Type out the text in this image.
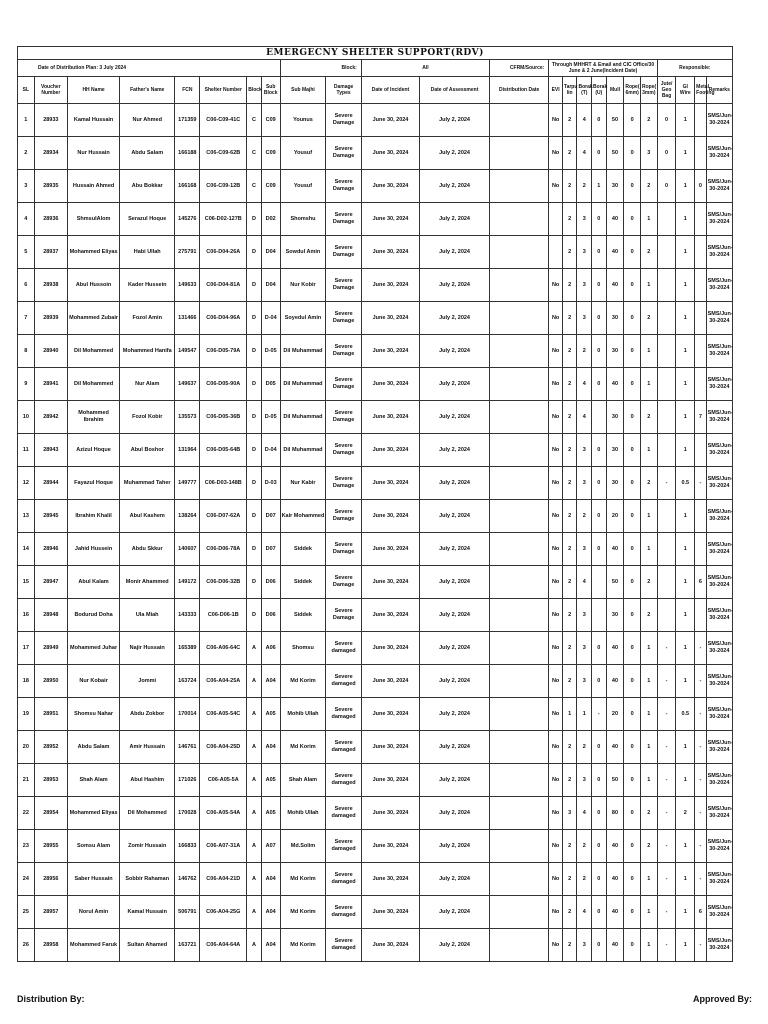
EMERGECNY SHELTER SUPPORT(RDV)																							
Date of Distribution Plan: 3 July 2024								Block:		All		CFRM/Source:	Through MHHRT & Email and CIC Office/30 June & 2 June(Incident Date)							Responsible:			
SL	Voucher Number	HH Name	Father's Name	FCN	Shelter Number	Block	Sub Block	Sub Majhi	Damage Types	Date of Incident	Date of Assessment	Distribution Date	EVI	Tarpu lin	Borak (T)	Borak (U)	Mull	Rope( 6mm)	Rope( 3mm)	Jute/ Geo Bag	GI Wire	Metal Footing	Remarks
1	28933	Kamal Hussain	Nur Ahmed	171359	C06-C09-41C	C	C09	Younus	Severe Damage	June 30, 2024	July 2, 2024		No	2	4	0	50	0	2	0	1		SMS/Jun-30-2024
2	28934	Nur Hussain	Abdu Salam	166188	C06-C09-62B	C	C09	Yousuf	Severe Damage	June 30, 2024	July 2, 2024		No	2	4	0	50	0	3	0	1		SMS/Jun-30-2024
3	28935	Hussain Ahmed	Abu Bokkar	166168	C06-C09-12B	C	C09	Yousuf	Severe Damage	June 30, 2024	July 2, 2024		No	2	2	1	30	0	2	0	1	0	SMS/Jun-30-2024
4	28936	ShmsulAlom	Serazul Hoque	145276	C06-D02-127B	D	D02	Shomshu	Severe Damage	June 30, 2024	July 2, 2024			2	3	0	40	0	1		1		SMS/Jun-30-2024
5	28937	Mohammed Eliyas	Habi Ullah	275791	C06-D04-26A	D	D04	Sowdul Amin	Severe Damage	June 30, 2024	July 2, 2024			2	3	0	40	0	2		1		SMS/Jun-30-2024
6	28938	Abul Hussoin	Kader Hussein	149633	C06-D04-81A	D	D04	Nur Kobir	Severe Damage	June 30, 2024	July 2, 2024		No	2	3	0	40	0	1		1		SMS/Jun-30-2024
7	28939	Mohammed Zubair	Fozol Amin	131466	C06-D04-96A	D	D-04	Soyedul Amin	Severe Damage	June 30, 2024	July 2, 2024		No	2	3	0	30	0	2		1		SMS/Jun-30-2024
8	28940	Dil Mohammed	Mohammed Hanifa	149547	C06-D05-79A	D	D-05	Dil Muhammad	Severe Damage	June 30, 2024	July 2, 2024		No	2	2	0	30	0	1		1		SMS/Jun-30-2024
9	28941	Dil Mohammed	Nur Alam	149637	C06-D05-90A	D	D05	Dil Muhammad	Severe Damage	June 30, 2024	July 2, 2024		No	2	4	0	40	0	1		1		SMS/Jun-30-2024
10	28942	Mohammed Ibrahim	Fozol Kobir	135573	C06-D05-36B	D	D-05	Dil Muhammad	Severe Damage	June 30, 2024	July 2, 2024		No	2	4		30	0	2		1	7	SMS/Jun-30-2024
11	28943	Azizul Hoque	Abul Boshor	131964	C06-D05-64B	D	D-04	Dil Muhammad	Severe Damage	June 30, 2024	July 2, 2024		No	2	3	0	30	0	1		1		SMS/Jun-30-2024
12	28944	Fayazul Hoque	Muhammad Taher	149777	C06-D03-148B	D	D-03	Nur Kabir	Severe Damage	June 30, 2024	July 2, 2024		No	2	3	0	30	0	2	-	0.5	-	SMS/Jun-30-2024
13	28945	Ibrahim Khalil	Abul Kashem	138264	C06-D07-62A	D	D07	Kair Mohammed	Severe Damage	June 30, 2024	July 2, 2024		No	2	2	0	20	0	1		1		SMS/Jun-30-2024
14	28946	Jahid Hussein	Abdu Skkur	140607	C06-D06-78A	D	D07	Siddek	Severe Damage	June 30, 2024	July 2, 2024		No	2	3	0	40	0	1		1		SMS/Jun-30-2024
15	28947	Abul Kalam	Monir Ahammed	149172	C06-D06-32B	D	D06	Siddek	Severe Damage	June 30, 2024	July 2, 2024		No	2	4		50	0	2		1	6	SMS/Jun-30-2024
16	28948	Bodurud Doha	Ula Miah	143333	C06-D06-1B	D	D06	Siddek	Severe Damage	June 30, 2024	July 2, 2024		No	2	3		30	0	2		1		SMS/Jun-30-2024
17	28949	Mohammed Juhar	Najir Hussain	165389	C06-A06-64C	A	A06	Shomsu	Severe damaged	June 30, 2024	July 2, 2024		No	2	3	0	40	0	1	-	1	-	SMS/Jun-30-2024
18	28950	Nur Kobair	Jommi	163724	C06-A04-25A	A	A04	Md Korim	Severe damaged	June 30, 2024	July 2, 2024		No	2	3	0	40	0	1	-	1	-	SMS/Jun-30-2024
19	28951	Shomsu Nahar	Abdu Zokbor	170014	C06-A05-54C	A	A05	Mohib Ullah	Severe damaged	June 30, 2024	July 2, 2024		No	1	1	-	20	0	1	-	0.5	-	SMS/Jun-30-2024
20	28952	Abdu Salam	Amir Hussain	146761	C06-A04-25D	A	A04	Md Korim	Severe damaged	June 30, 2024	July 2, 2024		No	2	2	0	40	0	1	-	1	-	SMS/Jun-30-2024
21	28953	Shah Alam	Abul Hashim	171026	C06-A05-5A	A	A05	Shah Alam	Severe damaged	June 30, 2024	July 2, 2024		No	2	3	0	50	0	1	-	1	-	SMS/Jun-30-2024
22	28954	Mohammed Eliyas	Dil Mohammed	170028	C06-A05-54A	A	A05	Mohib Ullah	Severe damaged	June 30, 2024	July 2, 2024		No	3	4	0	80	0	2	-	2	-	SMS/Jun-30-2024
23	28955	Somsu Alam	Zomir Hussain	166833	C06-A07-31A	A	A07	Md.Solim	Severe damaged	June 30, 2024	July 2, 2024		No	2	2	0	40	0	2	-	1	-	SMS/Jun-30-2024
24	28956	Saber Hussain	Sobbir Rahaman	146762	C06-A04-21D	A	A04	Md Korim	Severe damaged	June 30, 2024	July 2, 2024		No	2	2	0	40	0	1	-	1	-	SMS/Jun-30-2024
25	28957	Norul Amin	Kamal Hussain	506791	C06-A04-25G	A	A04	Md Korim	Severe damaged	June 30, 2024	July 2, 2024		No	2	4	0	40	0	1	-	1	6	SMS/Jun-30-2024
26	28958	Mohammed Faruk	Sultan Ahamed	163721	C06-A04-64A	A	A04	Md Korim	Severe damaged	June 30, 2024	July 2, 2024		No	2	3	0	40	0	1	-	1	-	SMS/Jun-30-2024
Distribution By:	Approved By:
